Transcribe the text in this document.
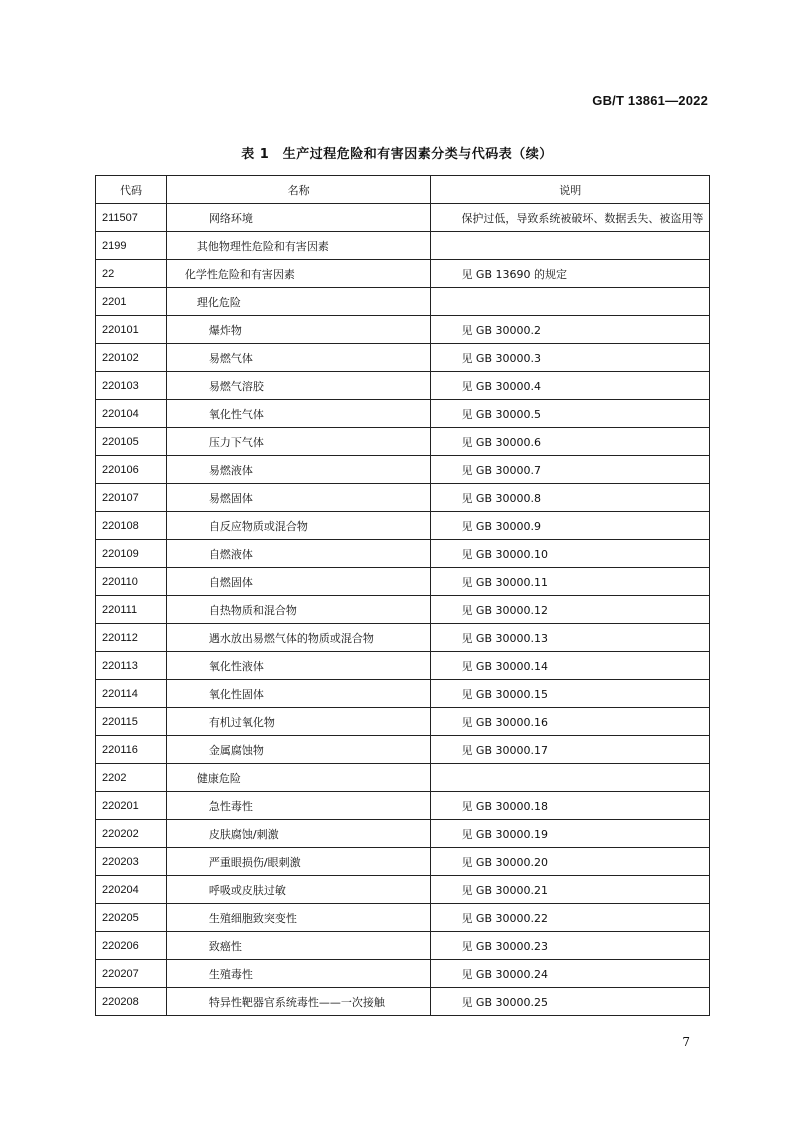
GB/T 13861—2022
表 1　生产过程危险和有害因素分类与代码表（续）
代码	名称	说明
211507	网络环境	保护过低，导致系统被破坏、数据丢失、被盗用等
2199	其他物理性危险和有害因素	
22	化学性危险和有害因素	见 GB 13690 的规定
2201	理化危险	
220101	爆炸物	见 GB 30000.2
220102	易燃气体	见 GB 30000.3
220103	易燃气溶胶	见 GB 30000.4
220104	氧化性气体	见 GB 30000.5
220105	压力下气体	见 GB 30000.6
220106	易燃液体	见 GB 30000.7
220107	易燃固体	见 GB 30000.8
220108	自反应物质或混合物	见 GB 30000.9
220109	自燃液体	见 GB 30000.10
220110	自燃固体	见 GB 30000.11
220111	自热物质和混合物	见 GB 30000.12
220112	遇水放出易燃气体的物质或混合物	见 GB 30000.13
220113	氧化性液体	见 GB 30000.14
220114	氧化性固体	见 GB 30000.15
220115	有机过氧化物	见 GB 30000.16
220116	金属腐蚀物	见 GB 30000.17
2202	健康危险	
220201	急性毒性	见 GB 30000.18
220202	皮肤腐蚀/刺激	见 GB 30000.19
220203	严重眼损伤/眼刺激	见 GB 30000.20
220204	呼吸或皮肤过敏	见 GB 30000.21
220205	生殖细胞致突变性	见 GB 30000.22
220206	致癌性	见 GB 30000.23
220207	生殖毒性	见 GB 30000.24
220208	特异性靶器官系统毒性——一次接触	见 GB 30000.25
7
